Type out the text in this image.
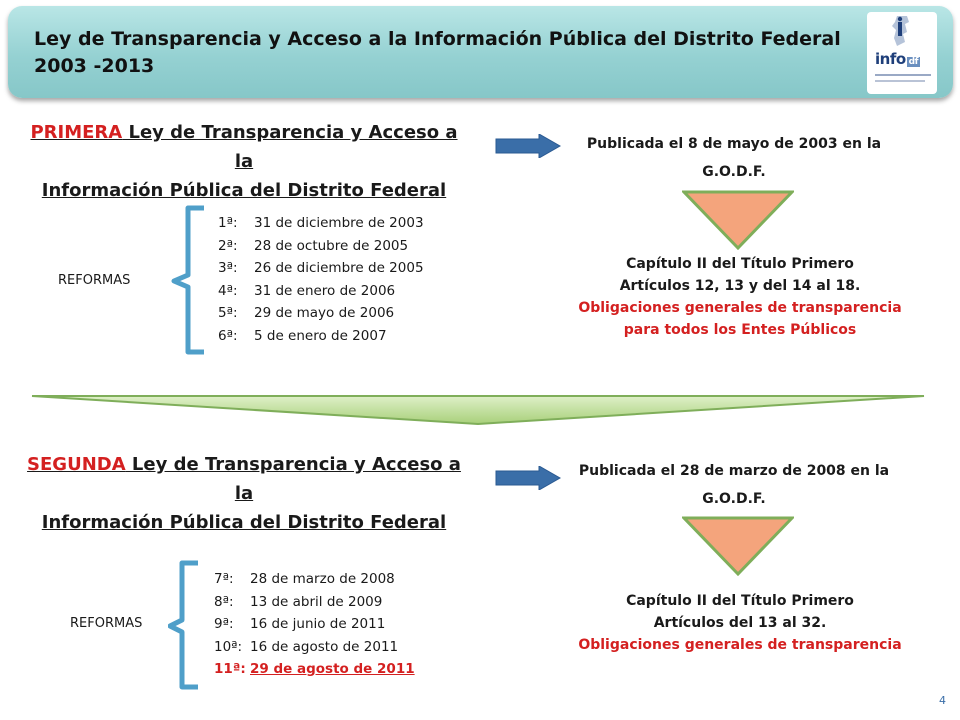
Ley de Transparencia y Acceso a la Información Pública del Distrito Federal
2003 -2013	info df
PRIMERA Ley de Transparencia y Acceso a la
Información Pública del Distrito Federal
Publicada el 8 de mayo de 2003 en la
G.O.D.F.
REFORMAS
1ª: 31 de diciembre de 2003
2ª: 28 de octubre de 2005
3ª: 26 de diciembre de 2005
4ª: 31 de enero de 2006
5ª: 29 de mayo de 2006
6ª: 5 de enero de 2007
Capítulo II del Título Primero
Artículos 12, 13 y del 14 al 18.
Obligaciones generales de transparencia
para todos los Entes Públicos
SEGUNDA Ley de Transparencia y Acceso a la
Información Pública del Distrito Federal
Publicada el 28 de marzo de 2008 en la
G.O.D.F.
REFORMAS
7ª: 28 de marzo de 2008
8ª: 13 de abril de 2009
9ª: 16 de junio de 2011
10ª: 16 de agosto de 2011
11ª: 29 de agosto de 2011
Capítulo II del Título Primero
Artículos del 13 al 32.
Obligaciones generales de transparencia
4
